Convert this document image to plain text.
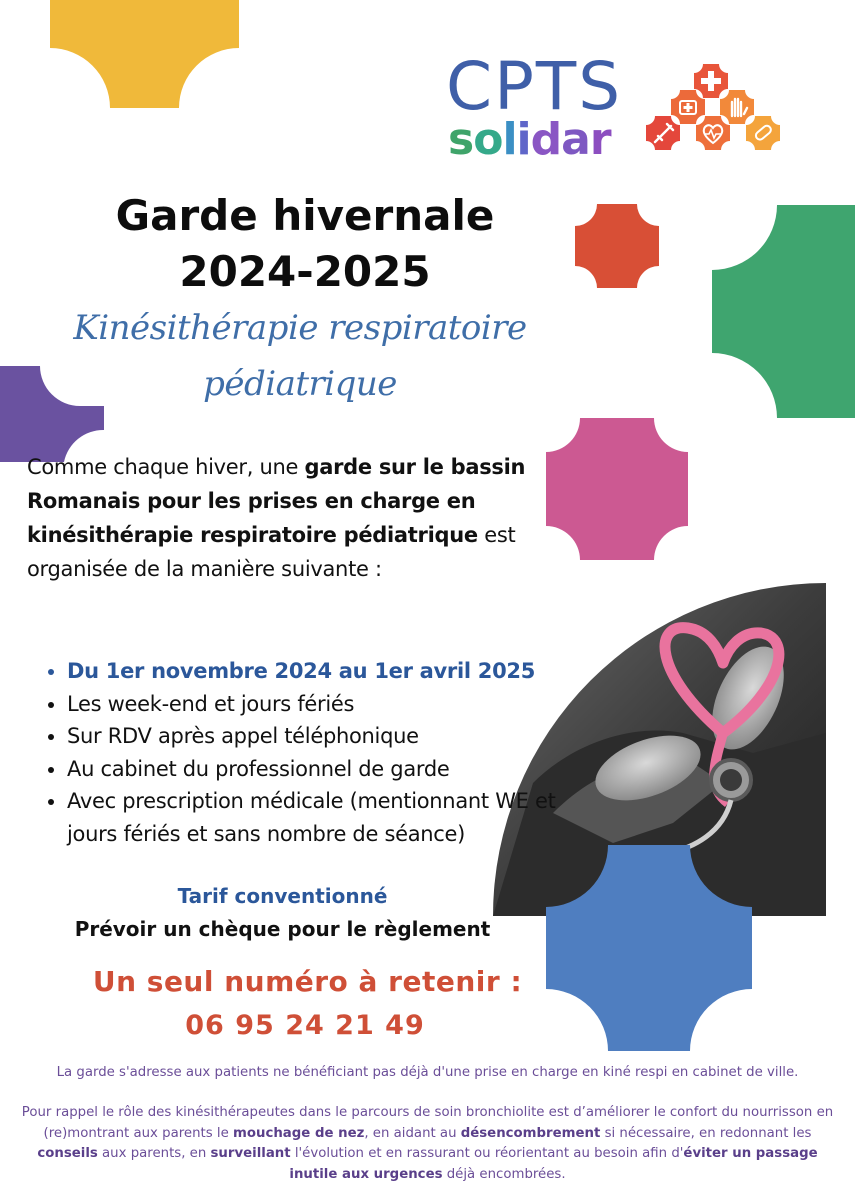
CPTS
solidar
Garde hivernale
2024-2025
Kinésithérapie respiratoire
pédiatrique
Comme chaque hiver, une garde sur le bassin Romanais pour les prises en charge en kinésithérapie respiratoire pédiatrique est organisée de la manière suivante :
• Du 1er novembre 2024 au 1er avril 2025
• Les week-end et jours fériés
• Sur RDV après appel téléphonique
• Au cabinet du professionnel de garde
• Avec prescription médicale (mentionnant WE et jours fériés et sans nombre de séance)
Tarif conventionné
Prévoir un chèque pour le règlement
Un seul numéro à retenir :
06 95 24 21 49
La garde s'adresse aux patients ne bénéficiant pas déjà d'une prise en charge en kiné respi en cabinet de ville.
Pour rappel le rôle des kinésithérapeutes dans le parcours de soin bronchiolite est d’améliorer le confort du nourrisson en (re)montrant aux parents le mouchage de nez, en aidant au désencombrement si nécessaire, en redonnant les conseils aux parents, en surveillant l'évolution et en rassurant ou réorientant au besoin afin d'éviter un passage inutile aux urgences déjà encombrées.
